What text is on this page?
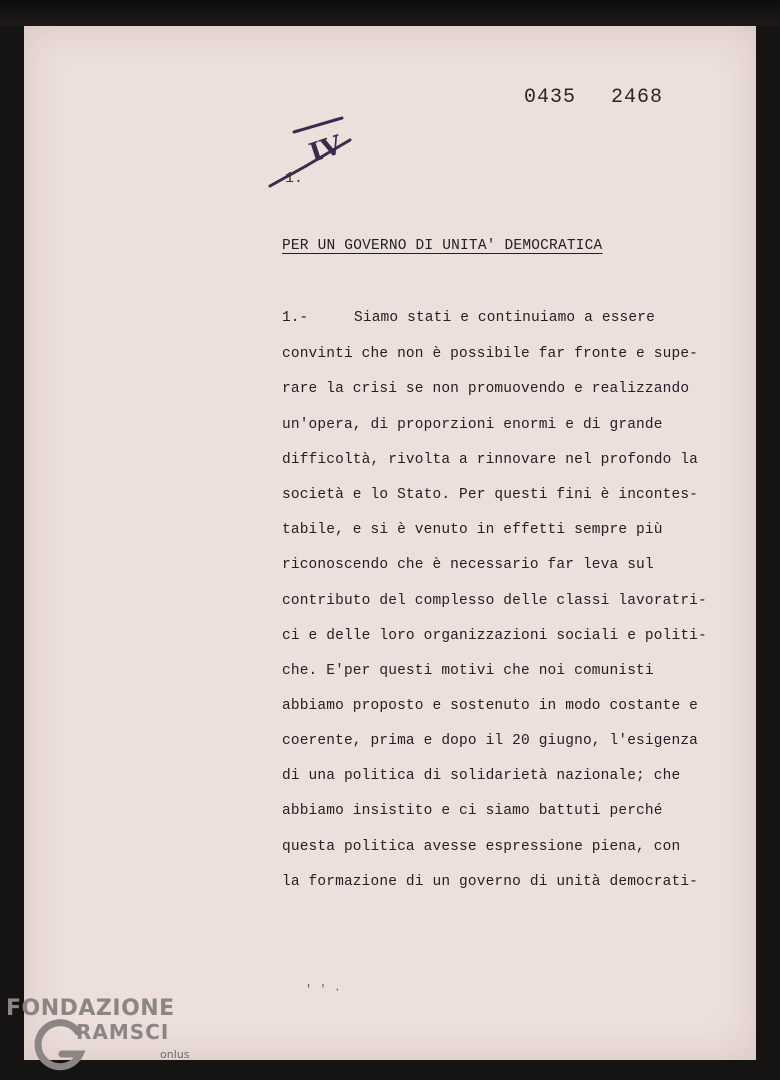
0435 2468
IV
1.
PER UN GOVERNO DI UNITA' DEMOCRATICA
1.-	Siamo stati e continuiamo a essere
convinti che non è possibile far fronte e supe-
rare la crisi se non promuovendo e realizzando
un'opera, di proporzioni enormi e di grande
difficoltà, rivolta a rinnovare nel profondo la
società e lo Stato. Per questi fini è incontes-
tabile, e si è venuto in effetti sempre più
riconoscendo che è necessario far leva sul
contributo del complesso delle classi lavoratri-
ci e delle loro organizzazioni sociali e politi-
che. E'per questi motivi che noi comunisti
abbiamo proposto e sostenuto in modo costante e
coerente, prima e dopo il 20 giugno, l'esigenza
di una politica di solidarietà nazionale; che
abbiamo insistito e ci siamo battuti perché
questa politica avesse espressione piena, con
la formazione di un governo di unità democrati-
' ' ·
FONDAZIONE
RAMSCI
onlus
